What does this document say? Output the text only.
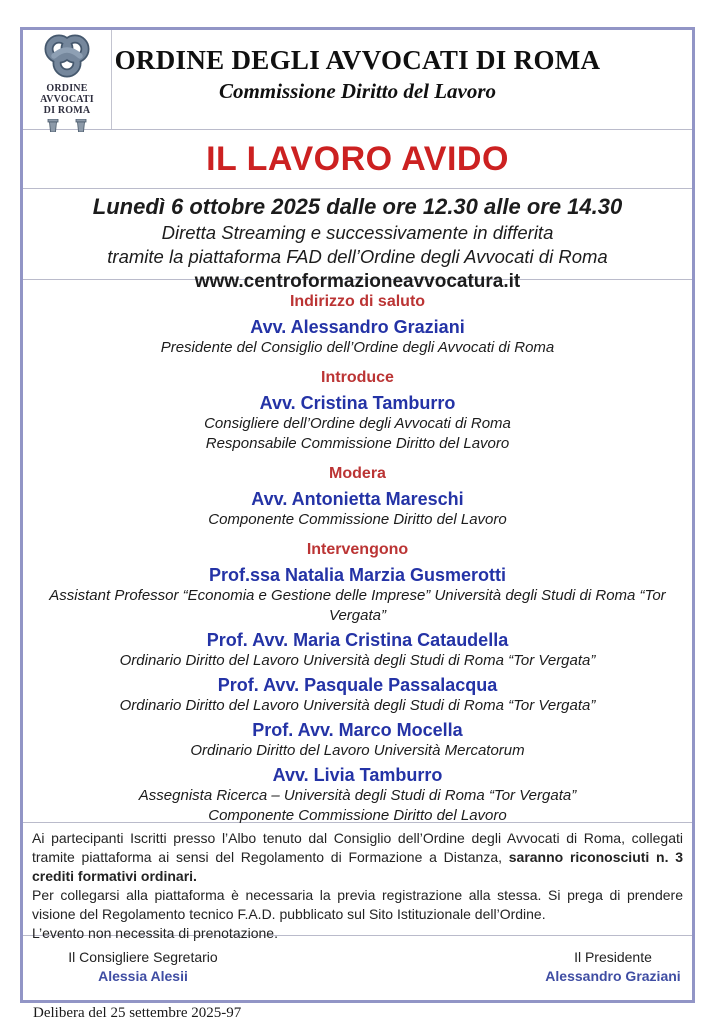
ORDINE
AVVOCATI
DI ROMA
ORDINE DEGLI AVVOCATI DI ROMA
Commissione Diritto del Lavoro
IL LAVORO AVIDO
Lunedì 6 ottobre 2025 dalle ore 12.30 alle ore 14.30
Diretta Streaming e successivamente in differita
tramite la piattaforma FAD dell’Ordine degli Avvocati di Roma
www.centroformazioneavvocatura.it
Indirizzo di saluto
Avv. Alessandro Graziani
Presidente del Consiglio dell’Ordine degli Avvocati di Roma
Introduce
Avv. Cristina Tamburro
Consigliere dell’Ordine degli Avvocati di Roma
Responsabile Commissione Diritto del Lavoro
Modera
Avv. Antonietta Mareschi
Componente Commissione Diritto del Lavoro
Intervengono
Prof.ssa Natalia Marzia Gusmerotti
Assistant Professor “Economia e Gestione delle Imprese” Università degli Studi di Roma “Tor Vergata”
Prof. Avv. Maria Cristina Cataudella
Ordinario Diritto del Lavoro Università degli Studi di Roma “Tor Vergata”
Prof. Avv. Pasquale Passalacqua
Ordinario Diritto del Lavoro Università degli Studi di Roma “Tor Vergata”
Prof. Avv. Marco Mocella
Ordinario Diritto del Lavoro Università Mercatorum
Avv. Livia Tamburro
Assegnista Ricerca – Università degli Studi di Roma “Tor Vergata”
Componente Commissione Diritto del Lavoro

Ai partecipanti Iscritti presso l’Albo tenuto dal Consiglio dell’Ordine degli Avvocati di Roma, collegati tramite piattaforma ai sensi del Regolamento di Formazione a Distanza, saranno riconosciuti n. 3 crediti formativi ordinari.

Per collegarsi alla piattaforma è necessaria la previa registrazione alla stessa. Si prega di prendere visione del Regolamento tecnico F.A.D. pubblicato sul Sito Istituzionale dell’Ordine.

L’evento non necessita di prenotazione.

Il Consigliere Segretario
Alessia Alesii
Il Presidente
Alessandro Graziani
Delibera del 25 settembre 2025-97
